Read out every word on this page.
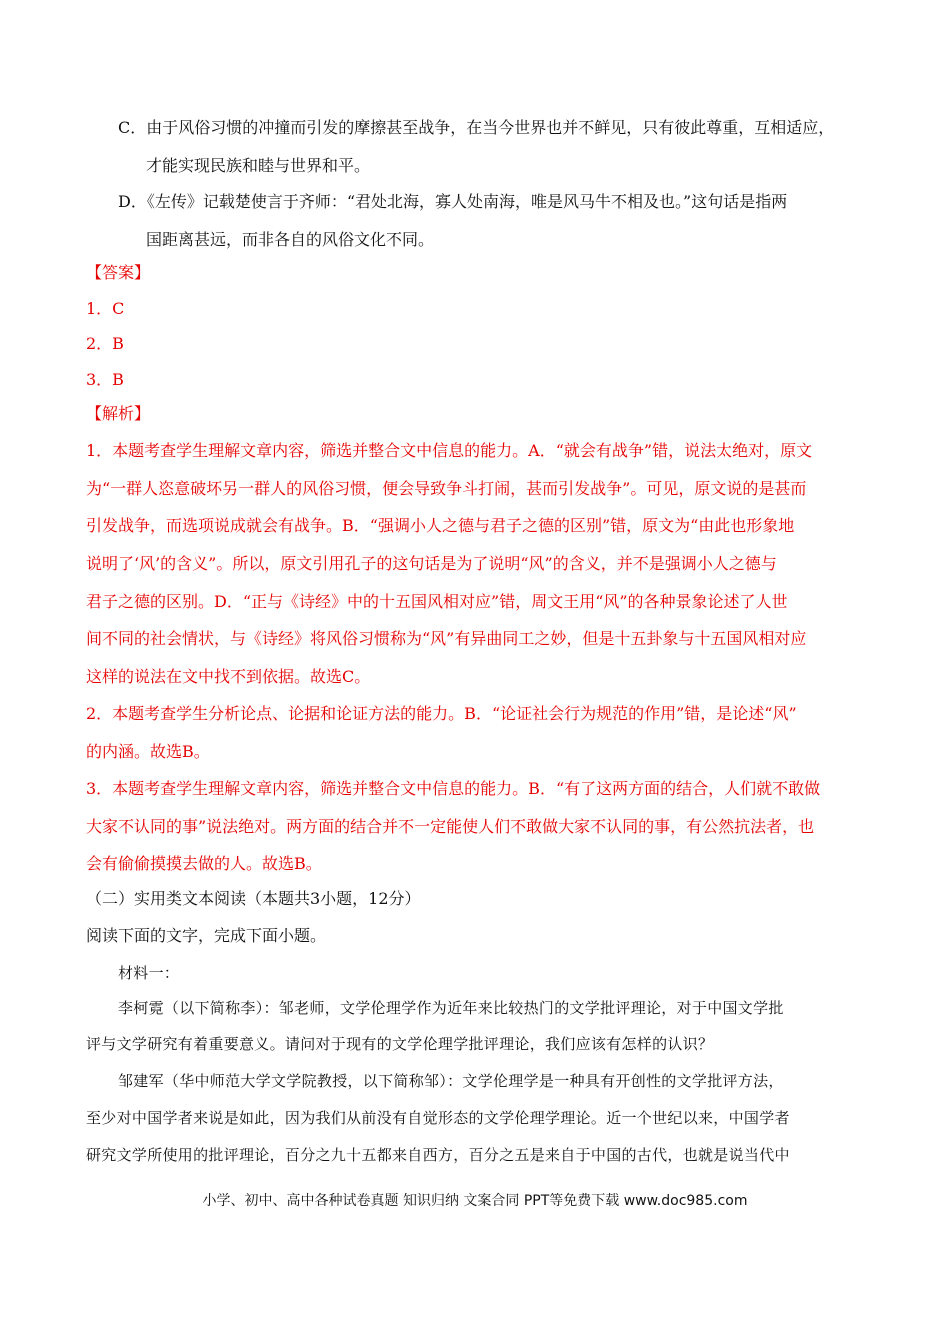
C．由于风俗习惯的冲撞而引发的摩擦甚至战争，在当今世界也并不鲜见，只有彼此尊重，互相适应，
才能实现民族和睦与世界和平。
D．《左传》记载楚使言于齐师：“君处北海，寡人处南海，唯是风马牛不相及也。”这句话是指两
国距离甚远，而非各自的风俗文化不同。
【答案】
1．C
2．B
3．B
【解析】
1．本题考查学生理解文章内容，筛选并整合文中信息的能力。A．“就会有战争”错，说法太绝对，原文
为“一群人恣意破坏另一群人的风俗习惯，便会导致争斗打闹，甚而引发战争”。可见，原文说的是甚而
引发战争，而选项说成就会有战争。B．“强调小人之德与君子之德的区别”错，原文为“由此也形象地
说明了‘风’的含义”。所以，原文引用孔子的这句话是为了说明“风”的含义，并不是强调小人之德与
君子之德的区别。D．“正与《诗经》中的十五国风相对应”错，周文王用“风”的各种景象论述了人世
间不同的社会情状，与《诗经》将风俗习惯称为“风”有异曲同工之妙，但是十五卦象与十五国风相对应
这样的说法在文中找不到依据。故选C。
2．本题考查学生分析论点、论据和论证方法的能力。B．“论证社会行为规范的作用”错，是论述“风”
的内涵。故选B。
3．本题考查学生理解文章内容，筛选并整合文中信息的能力。B．“有了这两方面的结合，人们就不敢做
大家不认同的事”说法绝对。两方面的结合并不一定能使人们不敢做大家不认同的事，有公然抗法者，也
会有偷偷摸摸去做的人。故选B。
（二）实用类文本阅读（本题共3小题，12分）
阅读下面的文字，完成下面小题。
材料一：
李柯霓（以下简称李）：邹老师，文学伦理学作为近年来比较热门的文学批评理论，对于中国文学批
评与文学研究有着重要意义。请问对于现有的文学伦理学批评理论，我们应该有怎样的认识？
邹建军（华中师范大学文学院教授，以下简称邹）：文学伦理学是一种具有开创性的文学批评方法，
至少对中国学者来说是如此，因为我们从前没有自觉形态的文学伦理学理论。近一个世纪以来，中国学者
研究文学所使用的批评理论，百分之九十五都来自西方，百分之五是来自于中国的古代，也就是说当代中
小学、初中、高中各种试卷真题 知识归纳 文案合同 PPT等免费下载 www.doc985.com
